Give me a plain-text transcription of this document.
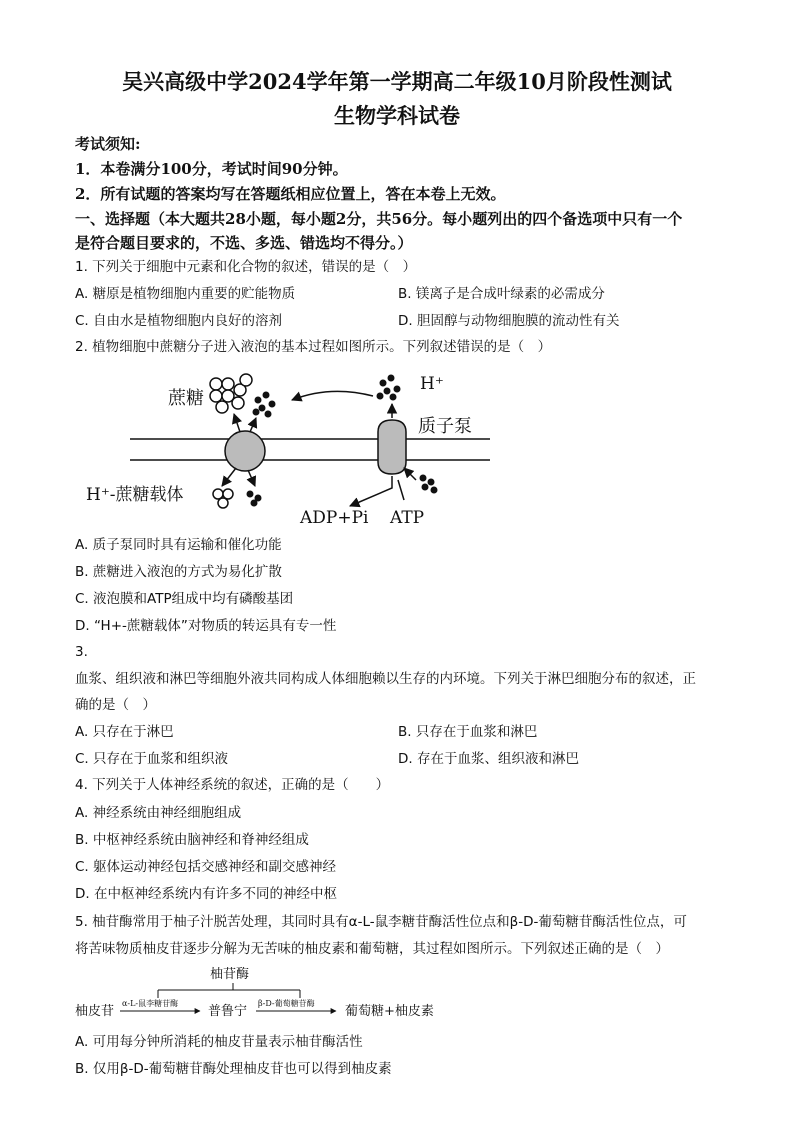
吴兴高级中学2024学年第一学期高二年级10月阶段性测试
生物学科试卷
考试须知:
1．本卷满分100分，考试时间90分钟。
2．所有试题的答案均写在答题纸相应位置上，答在本卷上无效。
一、选择题（本大题共28小题，每小题2分，共56分。每小题列出的四个备选项中只有一个
是符合题目要求的，不选、多选、错选均不得分。）
1. 下列关于细胞中元素和化合物的叙述，错误的是（　）
A. 糖原是植物细胞内重要的贮能物质	B. 镁离子是合成叶绿素的必需成分
C. 自由水是植物细胞内良好的溶剂	D. 胆固醇与动物细胞膜的流动性有关
2. 植物细胞中蔗糖分子进入液泡的基本过程如图所示。下列叙述错误的是（　）
蔗糖
H⁺
质子泵
H⁺-蔗糖载体
ADP+Pi ATP
A. 质子泵同时具有运输和催化功能
B. 蔗糖进入液泡的方式为易化扩散
C. 液泡膜和ATP组成中均有磷酸基团
D. “H+-蔗糖载体”对物质的转运具有专一性
3.
血浆、组织液和淋巴等细胞外液共同构成人体细胞赖以生存的内环境。下列关于淋巴细胞分布的叙述，正
确的是（　）
A. 只存在于淋巴	B. 只存在于血浆和淋巴
C. 只存在于血浆和组织液	D. 存在于血浆、组织液和淋巴
4. 下列关于人体神经系统的叙述，正确的是（　　）
A. 神经系统由神经细胞组成
B. 中枢神经系统由脑神经和脊神经组成
C. 躯体运动神经包括交感神经和副交感神经
D. 在中枢神经系统内有许多不同的神经中枢
5. 柚苷酶常用于柚子汁脱苦处理，其同时具有α-L-鼠李糖苷酶活性位点和β-D-葡萄糖苷酶活性位点，可
将苦味物质柚皮苷逐步分解为无苦味的柚皮素和葡萄糖，其过程如图所示。下列叙述正确的是（　）
柚苷酶
柚皮苷
α-L-鼠李糖苷酶
普鲁宁
β-D-葡萄糖苷酶
葡萄糖+柚皮素
A. 可用每分钟所消耗的柚皮苷量表示柚苷酶活性
B. 仅用β-D-葡萄糖苷酶处理柚皮苷也可以得到柚皮素
